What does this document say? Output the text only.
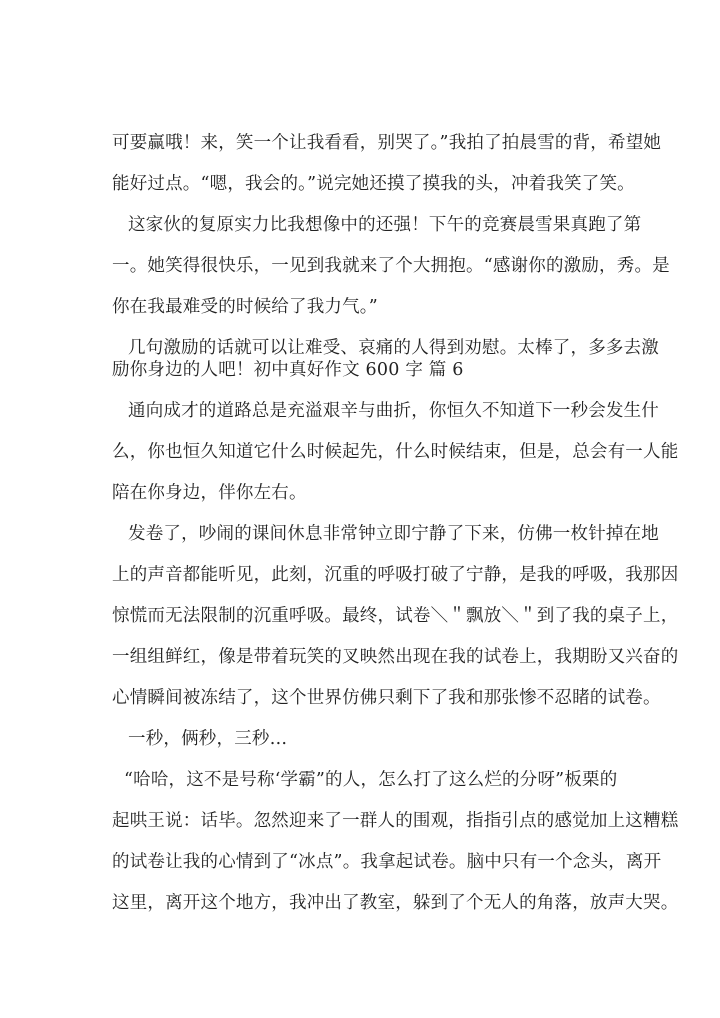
可要赢哦！来，笑一个让我看看，别哭了。”我拍了拍晨雪的背，希望她
能好过点。“嗯，我会的。”说完她还摸了摸我的头，冲着我笑了笑。
这家伙的复原实力比我想像中的还强！下午的竞赛晨雪果真跑了第
一。她笑得很快乐，一见到我就来了个大拥抱。“感谢你的激励，秀。是
你在我最难受的时候给了我力气。”
几句激励的话就可以让难受、哀痛的人得到劝慰。太棒了，多多去激
励你身边的人吧！初中真好作文 600 字 篇 6
通向成才的道路总是充溢艰辛与曲折，你恒久不知道下一秒会发生什
么，你也恒久知道它什么时候起先，什么时候结束，但是，总会有一人能
陪在你身边，伴你左右。
发卷了，吵闹的课间休息非常钟立即宁静了下来，仿佛一枚针掉在地
上的声音都能听见，此刻，沉重的呼吸打破了宁静，是我的呼吸，我那因
惊慌而无法限制的沉重呼吸。最终，试卷＼＂飘放＼＂到了我的桌子上，
一组组鲜红，像是带着玩笑的叉映然出现在我的试卷上，我期盼又兴奋的
心情瞬间被冻结了，这个世界仿佛只剩下了我和那张惨不忍睹的试卷。
一秒，俩秒，三秒…
“哈哈，这不是号称‘学霸”的人，怎么打了这么烂的分呀”板栗的
起哄王说：话毕。忽然迎来了一群人的围观，指指引点的感觉加上这糟糕
的试卷让我的心情到了“冰点”。我拿起试卷。脑中只有一个念头，离开
这里，离开这个地方，我冲出了教室，躲到了个无人的角落，放声大哭。
